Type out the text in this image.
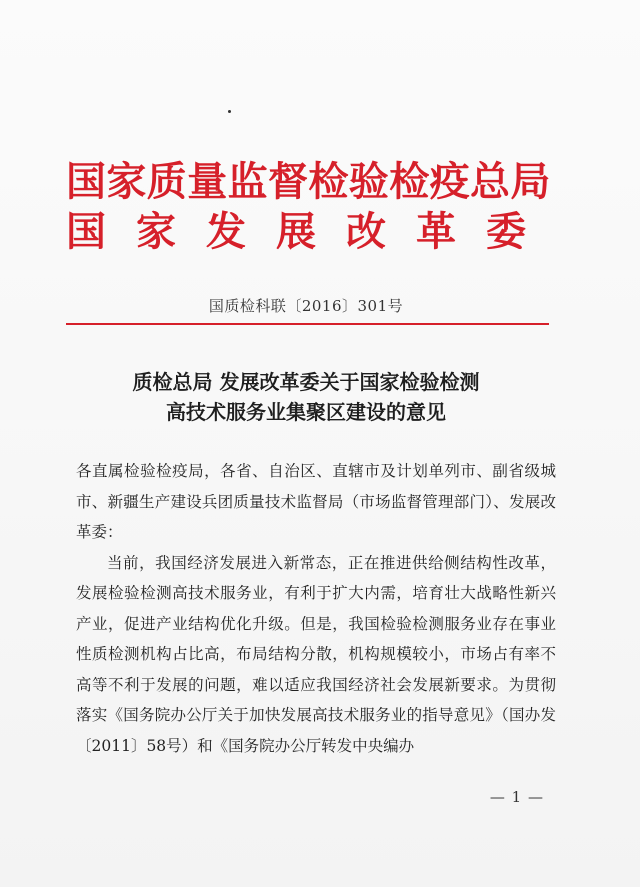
国家质量监督检验检疫总局
国家发展改革委
国质检科联〔2016〕301号
质检总局 发展改革委关于国家检验检测
高技术服务业集聚区建设的意见

各直属检验检疫局，各省、自治区、直辖市及计划单列市、副省级城市、新疆生产建设兵团质量技术监督局（市场监督管理部门）、发展改革委：

当前，我国经济发展进入新常态，正在推进供给侧结构性改革，发展检验检测高技术服务业，有利于扩大内需，培育壮大战略性新兴产业，促进产业结构优化升级。但是，我国检验检测服务业存在事业性质检测机构占比高，布局结构分散，机构规模较小，市场占有率不高等不利于发展的问题，难以适应我国经济社会发展新要求。为贯彻落实《国务院办公厅关于加快发展高技术服务业的指导意见》（国办发〔2011〕58号）和《国务院办公厅转发中央编办

— 1 —
